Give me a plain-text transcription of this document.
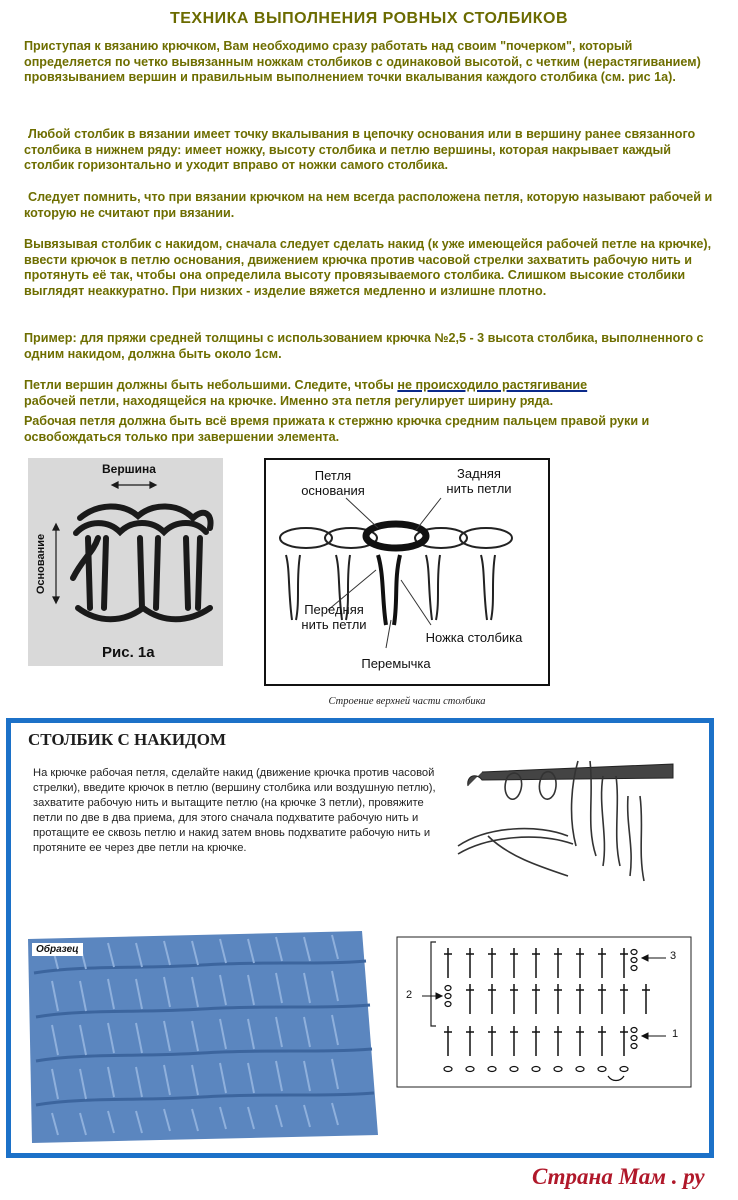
ТЕХНИКА ВЫПОЛНЕНИЯ РОВНЫХ СТОЛБИКОВ

Приступая к вязанию крючком, Вам необходимо сразу работать над своим "почерком", который определяется по четко вывязанным ножкам столбиков с одинаковой высотой, с четким (нерастягиванием) провязыванием вершин и правильным выполнением точки вкалывания каждого столбика (см. рис 1а).

Любой столбик в вязании имеет точку вкалывания в цепочку основания или в вершину ранее связанного столбика в нижнем ряду: имеет ножку, высоту столбика и петлю вершины, которая накрывает каждый столбик горизонтально и уходит вправо от ножки самого столбика.

Следует помнить, что при вязании крючком на нем всегда расположена петля, которую называют рабочей и которую не считают при вязании.

Вывязывая столбик с накидом, сначала следует сделать накид (к уже имеющейся рабочей петле на крючке), ввести крючок в петлю основания, движением крючка против часовой стрелки захватить рабочую нить и протянуть её так, чтобы она определила высоту провязываемого столбика. Слишком высокие столбики выглядят неаккуратно. При низких - изделие вяжется медленно и излишне плотно.

Пример: для пряжи средней толщины с использованием крючка №2,5 - 3 высота столбика, выполненного с одним накидом, должна быть около 1см.

Петли вершин должны быть небольшими. Следите, чтобы не происходило растягивание
рабочей петли, находящейся на крючке. Именно эта петля регулирует ширину ряда.

Рабочая петля должна быть всё время прижата к стержню крючка средним пальцем правой руки и освобождаться только при завершении элемента.

Вершина
Основание
Рис. 1а
Петля
основания
Задняя
нить петли
Передняя
нить петли
Ножка столбика
Перемычка
Строение верхней части столбика
СТОЛБИК С НАКИДОМ

На крючке рабочая петля, сделайте накид (движение крючка против часовой стрелки), введите крючок в петлю (вершину столбика или воздушную петлю), захватите рабочую нить и вытащите петлю (на крючке 3 петли), провяжите петли по две в два приема, для этого сначала подхватите рабочую нить и протащите ее сквозь петлю и накид затем вновь подхватите рабочую нить и протяните ее через две петли на крючке.

Образец
3
2
1
Страна Мам . ру
